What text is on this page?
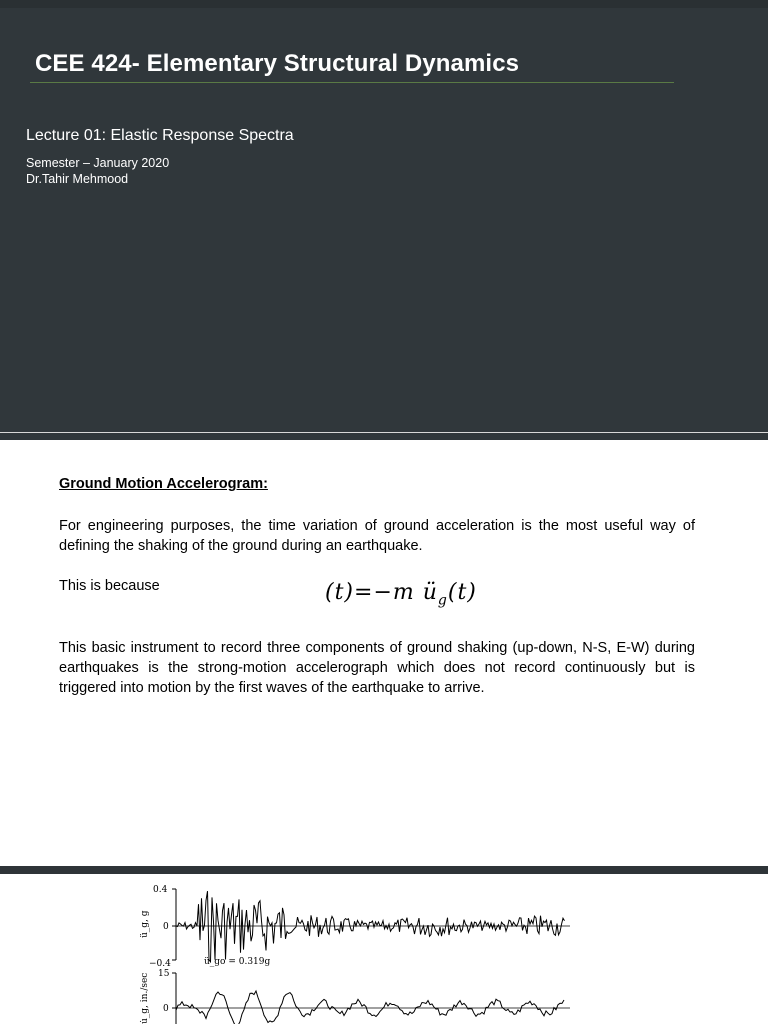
CEE 424- Elementary Structural Dynamics
Lecture 01: Elastic Response Spectra
Semester – January 2020
Dr.Tahir Mehmood
Ground Motion Accelerogram:
For engineering purposes, the time variation of ground acceleration is the most useful way of defining the shaking of the ground during an earthquake.
This is because	(t)=−m $ü_g(t)$
This basic instrument to record three components of ground shaking (up-down, N-S, E-W) during earthquakes is the strong-motion accelerograph which does not record continuously but is triggered into motion by the first waves of the earthquake to arrive.
0.4
0
−0.4
ü_g, g
ü_go = 0.319g
15
0
u̇_g, in./sec
